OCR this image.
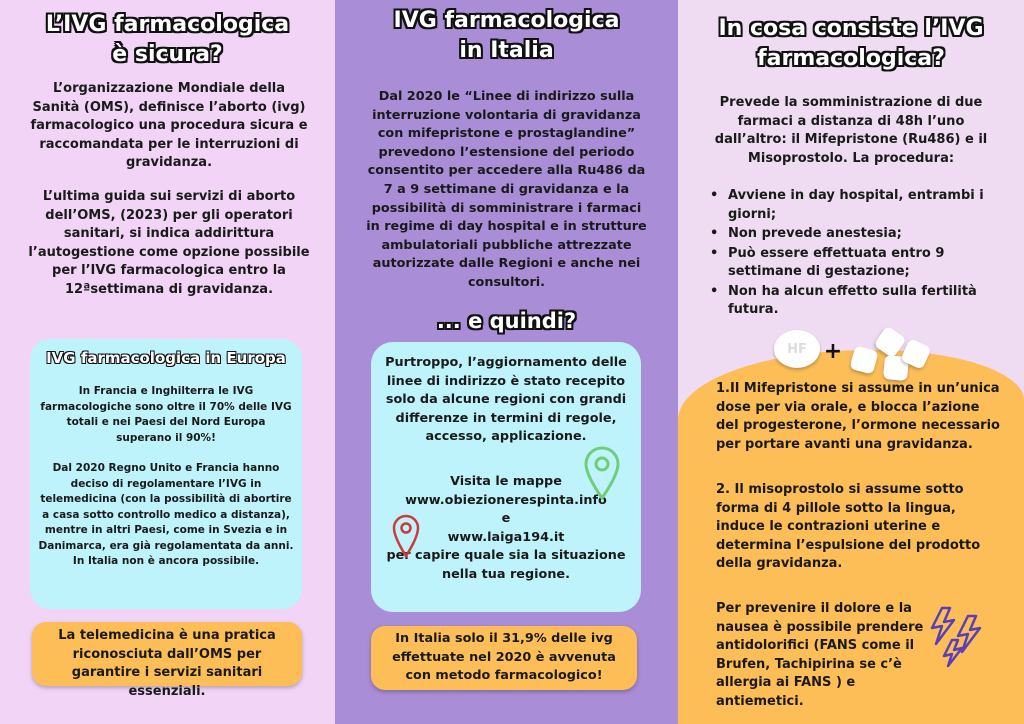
L’IVG farmacologica
è sicura?

L’organizzazione Mondiale della Sanità (OMS), definisce l’aborto (ivg) farmacologico una procedura sicura e raccomandata per le interruzioni di gravidanza.

L’ultima guida sui servizi di aborto dell’OMS, (2023) per gli operatori sanitari, si indica addirittura l’autogestione come opzione possibile per l’IVG farmacologica entro la 12ªsettimana di gravidanza.

IVG farmacologica in Europa

In Francia e Inghilterra le IVG farmacologiche sono oltre il 70% delle IVG totali e nei Paesi del Nord Europa superano il 90%!

Dal 2020 Regno Unito e Francia hanno deciso di regolamentare l’IVG in telemedicina (con la possibilità di abortire a casa sotto controllo medico a distanza), mentre in altri Paesi, come in Svezia e in Danimarca, era già regolamentata da anni. In Italia non è ancora possibile.

La telemedicina è una pratica riconosciuta dall’OMS per garantire i servizi sanitari essenziali.

IVG farmacologica
in Italia

Dal 2020 le “Linee di indirizzo sulla interruzione volontaria di gravidanza con mifepristone e prostaglandine” prevedono l’estensione del periodo consentito per accedere alla Ru486 da 7 a 9 settimane di gravidanza e la possibilità di somministrare i farmaci in regime di day hospital e in strutture ambulatoriali pubbliche attrezzate autorizzate dalle Regioni e anche nei consultori.

... e quindi?

Purtroppo, l’aggiornamento delle linee di indirizzo è stato recepito solo da alcune regioni con grandi differenze in termini di regole, accesso, applicazione.

Visita le mappe

www.obiezionerespinta.info

e

www.laiga194.it

per capire quale sia la situazione nella tua regione.

In Italia solo il 31,9% delle ivg effettuate nel 2020 è avvenuta con metodo farmacologico!

In cosa consiste l’IVG
farmacologica?

Prevede la somministrazione di due farmaci a distanza di 48h l’uno dall’altro: il Mifepristone (Ru486) e il Misoprostolo. La procedura:

• Avviene in day hospital, entrambi i giorni;
• Non prevede anestesia;
• Può essere effettuata entro 9 settimane di gestazione;
• Non ha alcun effetto sulla fertilità futura.
HF +

1.Il Mifepristone si assume in un’unica dose per via orale, e blocca l’azione del progesterone, l’ormone necessario per portare avanti una gravidanza.

2. Il misoprostolo si assume sotto forma di 4 pillole sotto la lingua, induce le contrazioni uterine e determina l’espulsione del prodotto della gravidanza.

Per prevenire il dolore e la nausea è possibile prendere antidolorifici (FANS come il Brufen, Tachipirina se c’è allergia ai FANS ) e antiemetici.
